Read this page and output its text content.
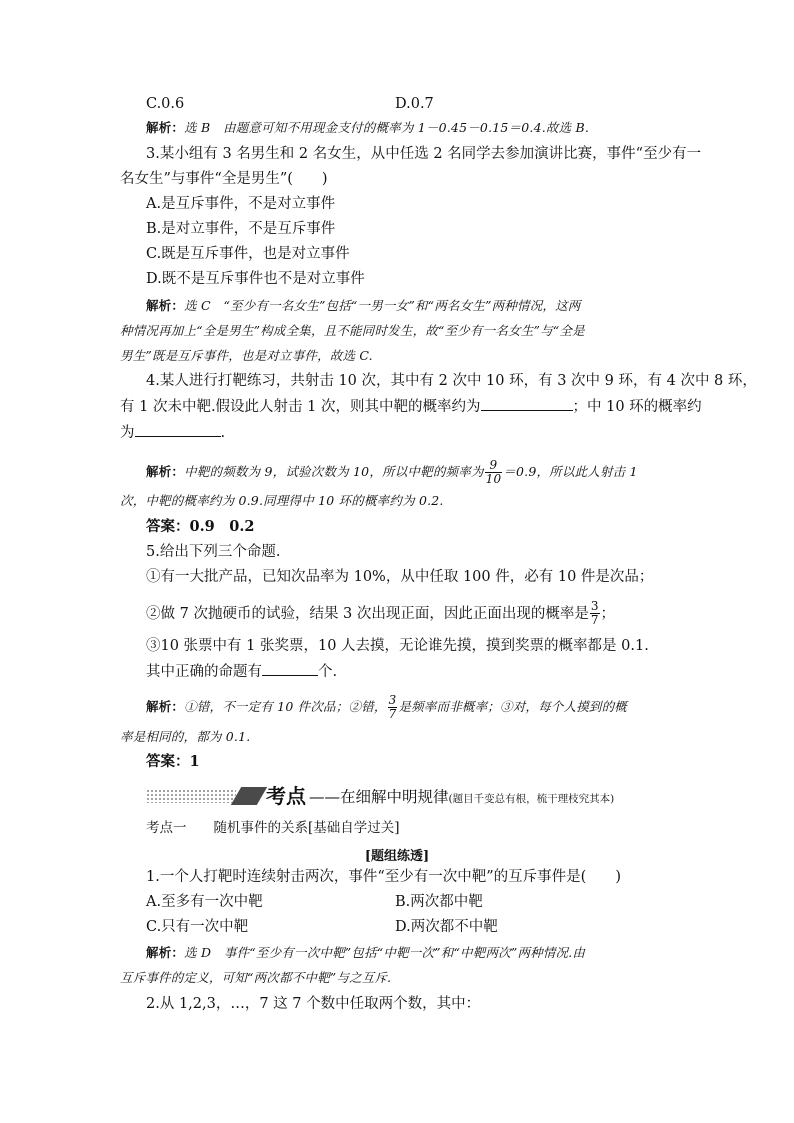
C.0.6	D.0.7
解析：选 B　由题意可知不用现金支付的概率为 1－0.45－0.15＝0.4.故选 B.
3.某小组有 3 名男生和 2 名女生，从中任选 2 名同学去参加演讲比赛，事件“至少有一
名女生”与事件“全是男生”(　　)
A.是互斥事件，不是对立事件
B.是对立事件，不是互斥事件
C.既是互斥事件，也是对立事件
D.既不是互斥事件也不是对立事件
解析：选 C　“至少有一名女生”包括“一男一女”和“两名女生”两种情况，这两
种情况再加上“全是男生”构成全集，且不能同时发生，故“至少有一名女生”与“全是
男生”既是互斥事件，也是对立事件，故选 C.
4.某人进行打靶练习，共射击 10 次，其中有 2 次中 10 环，有 3 次中 9 环，有 4 次中 8 环，
有 1 次未中靶.假设此人射击 1 次，则其中靶的概率约为	；中 10 环的概率约
为	.
解析：中靶的频数为 9，试验次数为 10，所以中靶的频率为 $\frac{9}{10} =0.9$，所以此人射击 1
次，中靶的概率约为 0.9.同理得中 10 环的概率约为 0.2.
答案：0.9　0.2
5.给出下列三个命题.
①有一大批产品，已知次品率为 10%，从中任取 100 件，必有 10 件是次品；
②做 7 次抛硬币的试验，结果 3 次出现正面，因此正面出现的概率是 $\frac{3}{7}$ ；
③10 张票中有 1 张奖票，10 人去摸，无论谁先摸，摸到奖票的概率都是 0.1.
其中正确的命题有	个.
解析：①错，不一定有 10 件次品；②错， $\frac{3}{7}$ 是频率而非概率；③对，每个人摸到的概
率是相同的，都为 0.1.
答案：1
考点 ——在细解中明规律(题目千变总有根，梳干理枝究其本)
考点一　　随机事件的关系[基础自学过关]
[题组练透]
1.一个人打靶时连续射击两次，事件“至少有一次中靶”的互斥事件是(　　)
A.至多有一次中靶	B.两次都中靶
C.只有一次中靶	D.两次都不中靶
解析：选 D　事件“至少有一次中靶”包括“中靶一次”和“中靶两次”两种情况.由
互斥事件的定义，可知“两次都不中靶”与之互斥.
2.从 1,2,3，…，7 这 7 个数中任取两个数，其中：
